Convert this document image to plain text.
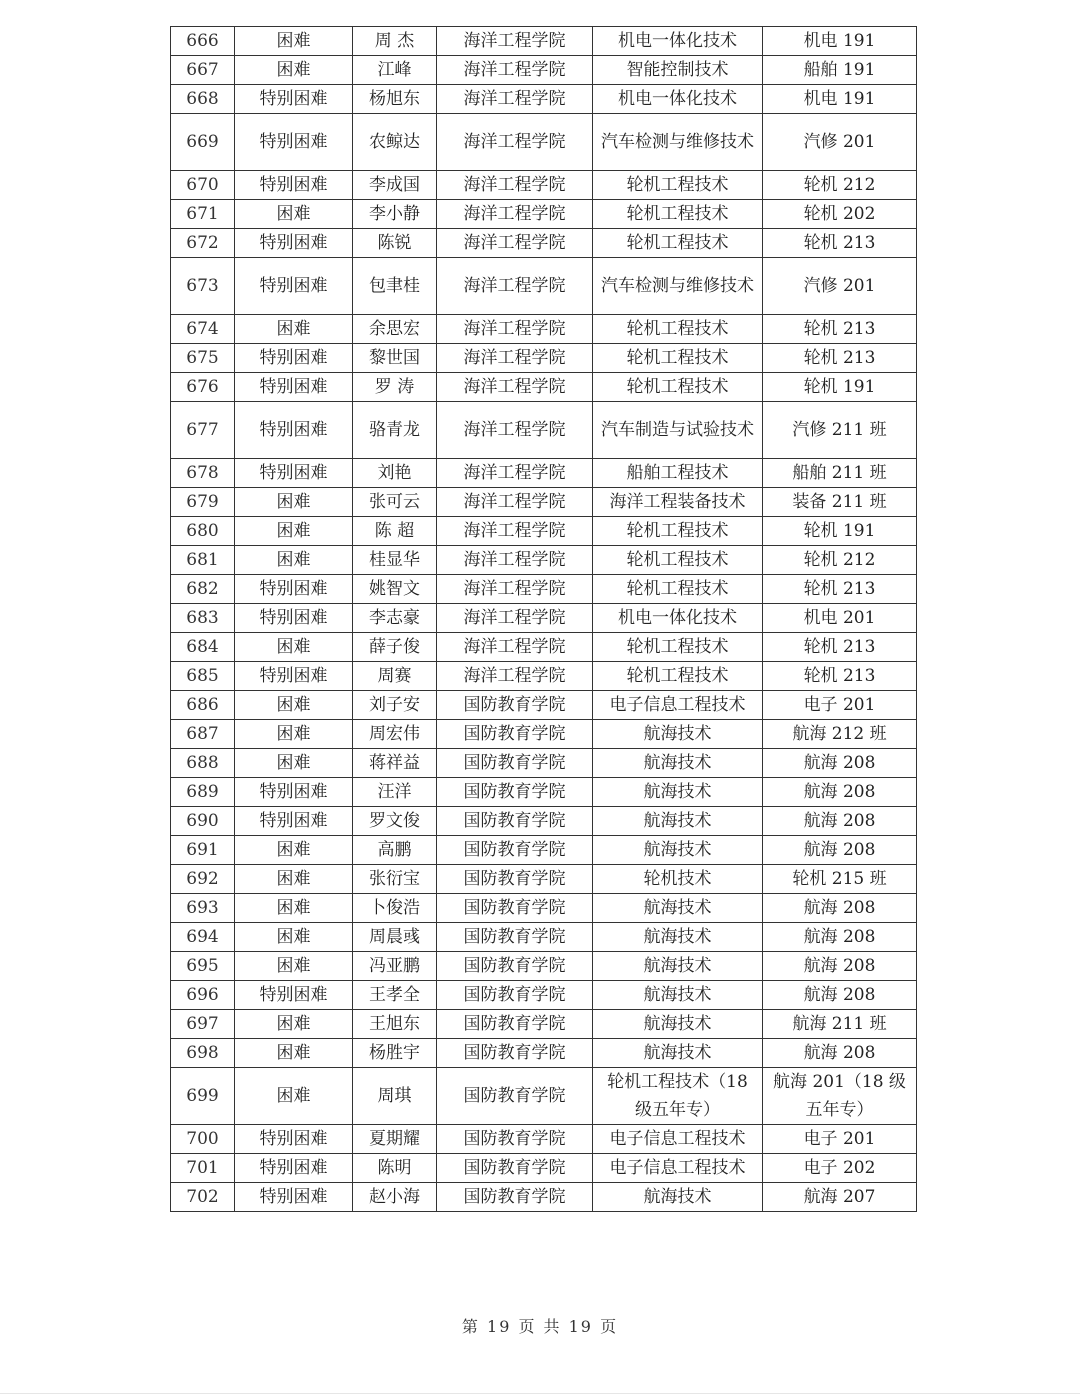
666	困难	周 杰	海洋工程学院	机电一体化技术	机电 191
667	困难	江峰	海洋工程学院	智能控制技术	船舶 191
668	特别困难	杨旭东	海洋工程学院	机电一体化技术	机电 191
669	特别困难	农鲸达	海洋工程学院	汽车检测与维修技术	汽修 201
670	特别困难	李成国	海洋工程学院	轮机工程技术	轮机 212
671	困难	李小静	海洋工程学院	轮机工程技术	轮机 202
672	特别困难	陈锐	海洋工程学院	轮机工程技术	轮机 213
673	特别困难	包聿桂	海洋工程学院	汽车检测与维修技术	汽修 201
674	困难	余思宏	海洋工程学院	轮机工程技术	轮机 213
675	特别困难	黎世国	海洋工程学院	轮机工程技术	轮机 213
676	特别困难	罗 涛	海洋工程学院	轮机工程技术	轮机 191
677	特别困难	骆青龙	海洋工程学院	汽车制造与试验技术	汽修 211 班
678	特别困难	刘艳	海洋工程学院	船舶工程技术	船舶 211 班
679	困难	张可云	海洋工程学院	海洋工程装备技术	装备 211 班
680	困难	陈 超	海洋工程学院	轮机工程技术	轮机 191
681	困难	桂显华	海洋工程学院	轮机工程技术	轮机 212
682	特别困难	姚智文	海洋工程学院	轮机工程技术	轮机 213
683	特别困难	李志豪	海洋工程学院	机电一体化技术	机电 201
684	困难	薛子俊	海洋工程学院	轮机工程技术	轮机 213
685	特别困难	周赛	海洋工程学院	轮机工程技术	轮机 213
686	困难	刘子安	国防教育学院	电子信息工程技术	电子 201
687	困难	周宏伟	国防教育学院	航海技术	航海 212 班
688	困难	蒋祥益	国防教育学院	航海技术	航海 208
689	特别困难	汪洋	国防教育学院	航海技术	航海 208
690	特别困难	罗文俊	国防教育学院	航海技术	航海 208
691	困难	高鹏	国防教育学院	航海技术	航海 208
692	困难	张衍宝	国防教育学院	轮机技术	轮机 215 班
693	困难	卜俊浩	国防教育学院	航海技术	航海 208
694	困难	周晨彧	国防教育学院	航海技术	航海 208
695	困难	冯亚鹏	国防教育学院	航海技术	航海 208
696	特别困难	王孝全	国防教育学院	航海技术	航海 208
697	困难	王旭东	国防教育学院	航海技术	航海 211 班
698	困难	杨胜宇	国防教育学院	航海技术	航海 208
699	困难	周琪	国防教育学院	轮机工程技术（18 级五年专）	航海 201（18 级五年专）
700	特别困难	夏期耀	国防教育学院	电子信息工程技术	电子 201
701	特别困难	陈明	国防教育学院	电子信息工程技术	电子 202
702	特别困难	赵小海	国防教育学院	航海技术	航海 207
第 19 页 共 19 页
